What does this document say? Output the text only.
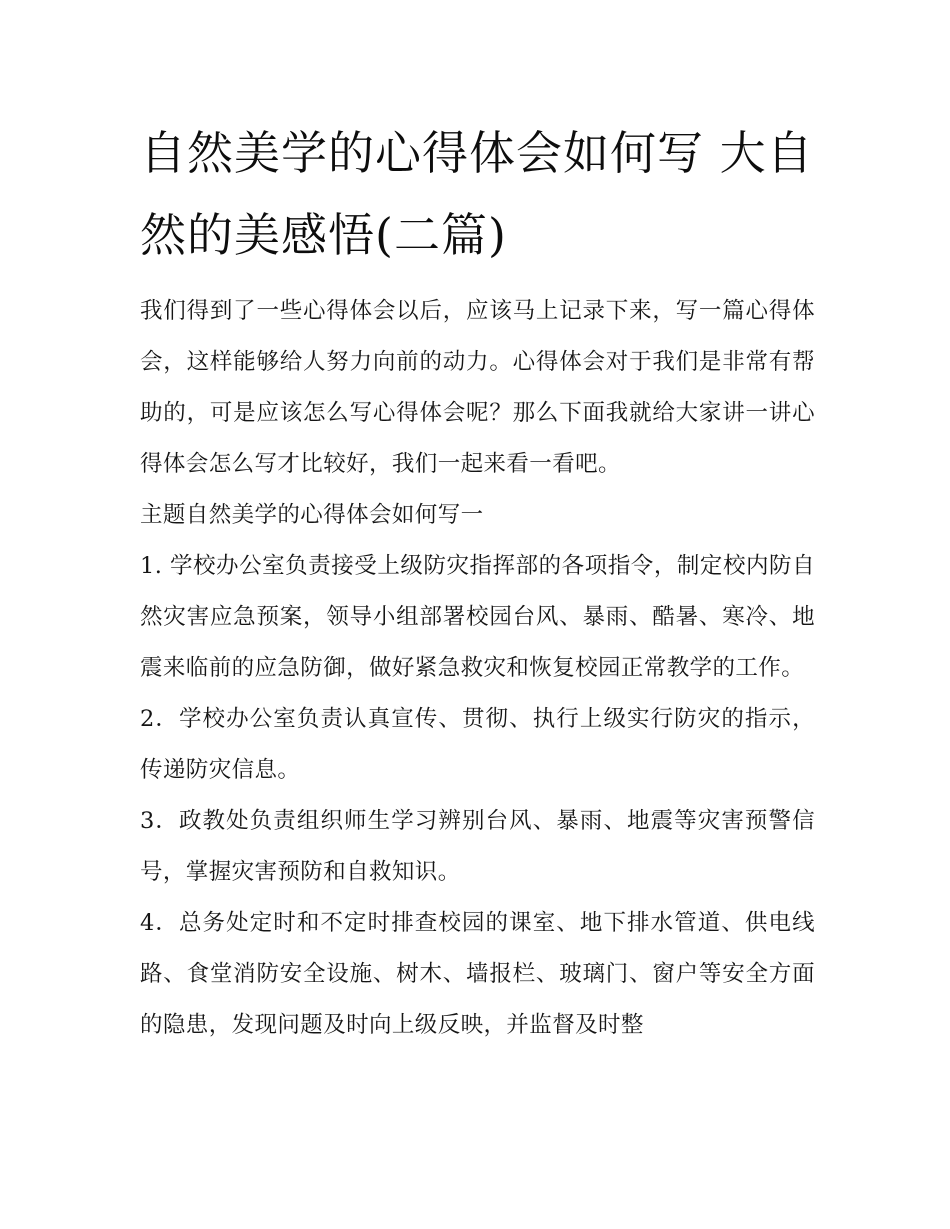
自然美学的心得体会如何写 大自然的美感悟(二篇)

我们得到了一些心得体会以后，应该马上记录下来，写一篇心得体会，这样能够给人努力向前的动力。心得体会对于我们是非常有帮助的，可是应该怎么写心得体会呢？那么下面我就给大家讲一讲心得体会怎么写才比较好，我们一起来看一看吧。

主题自然美学的心得体会如何写一

1. 学校办公室负责接受上级防灾指挥部的各项指令，制定校内防自然灾害应急预案，领导小组部署校园台风、暴雨、酷暑、寒冷、地震来临前的应急防御，做好紧急救灾和恢复校园正常教学的工作。

2．学校办公室负责认真宣传、贯彻、执行上级实行防灾的指示，传递防灾信息。

3．政教处负责组织师生学习辨别台风、暴雨、地震等灾害预警信号，掌握灾害预防和自救知识。

4．总务处定时和不定时排查校园的课室、地下排水管道、供电线路、食堂消防安全设施、树木、墙报栏、玻璃门、窗户等安全方面的隐患，发现问题及时向上级反映，并监督及时整
